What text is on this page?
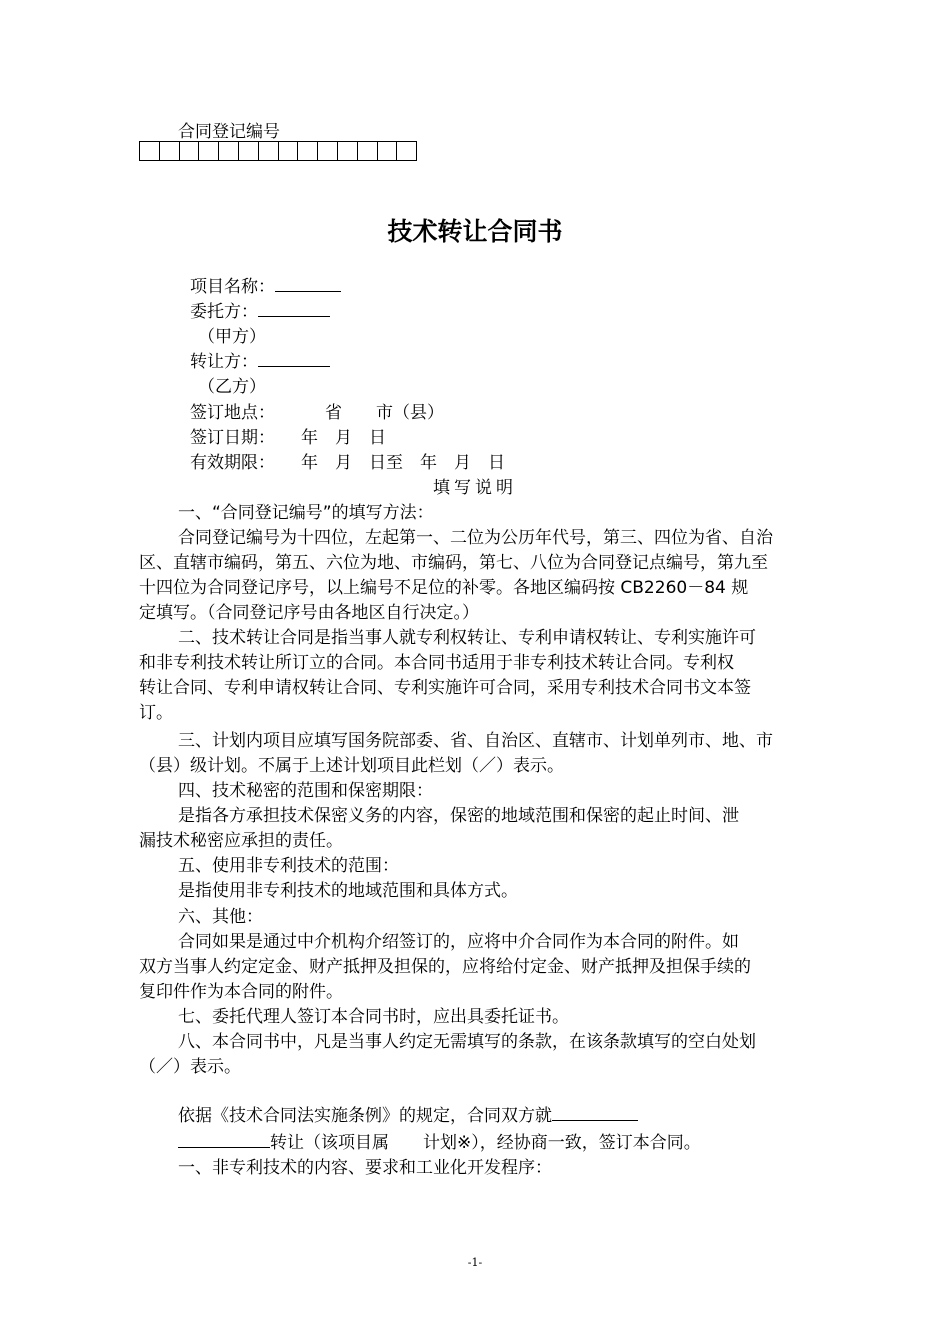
合同登记编号
技术转让合同书
项目名称：
委托方：
（甲方）
转让方：
（乙方）
签订地点：	省　　市（县）
签订日期： 年　月　日
有效期限： 年　月　日至　年　月　日
填写说明
一、“合同登记编号”的填写方法：
合同登记编号为十四位，左起第一、二位为公历年代号，第三、四位为省、自治
区、直辖市编码，第五、六位为地、市编码，第七、八位为合同登记点编号，第九至
十四位为合同登记序号，以上编号不足位的补零。各地区编码按 CB2260－84 规
定填写。（合同登记序号由各地区自行决定。）
二、技术转让合同是指当事人就专利权转让、专利申请权转让、专利实施许可
和非专利技术转让所订立的合同。本合同书适用于非专利技术转让合同。专利权
转让合同、专利申请权转让合同、专利实施许可合同，采用专利技术合同书文本签
订。
三、计划内项目应填写国务院部委、省、自治区、直辖市、计划单列市、地、市
（县）级计划。不属于上述计划项目此栏划（／）表示。
四、技术秘密的范围和保密期限：
是指各方承担技术保密义务的内容，保密的地域范围和保密的起止时间、泄
漏技术秘密应承担的责任。
五、使用非专利技术的范围：
是指使用非专利技术的地域范围和具体方式。
六、其他：
合同如果是通过中介机构介绍签订的，应将中介合同作为本合同的附件。如
双方当事人约定定金、财产抵押及担保的，应将给付定金、财产抵押及担保手续的
复印件作为本合同的附件。
七、委托代理人签订本合同书时，应出具委托证书。
八、本合同书中，凡是当事人约定无需填写的条款，在该条款填写的空白处划
（／）表示。
依据《技术合同法实施条例》的规定，合同双方就
转让（该项目属　　计划※），经协商一致，签订本合同。
一、非专利技术的内容、要求和工业化开发程序：
-1-
